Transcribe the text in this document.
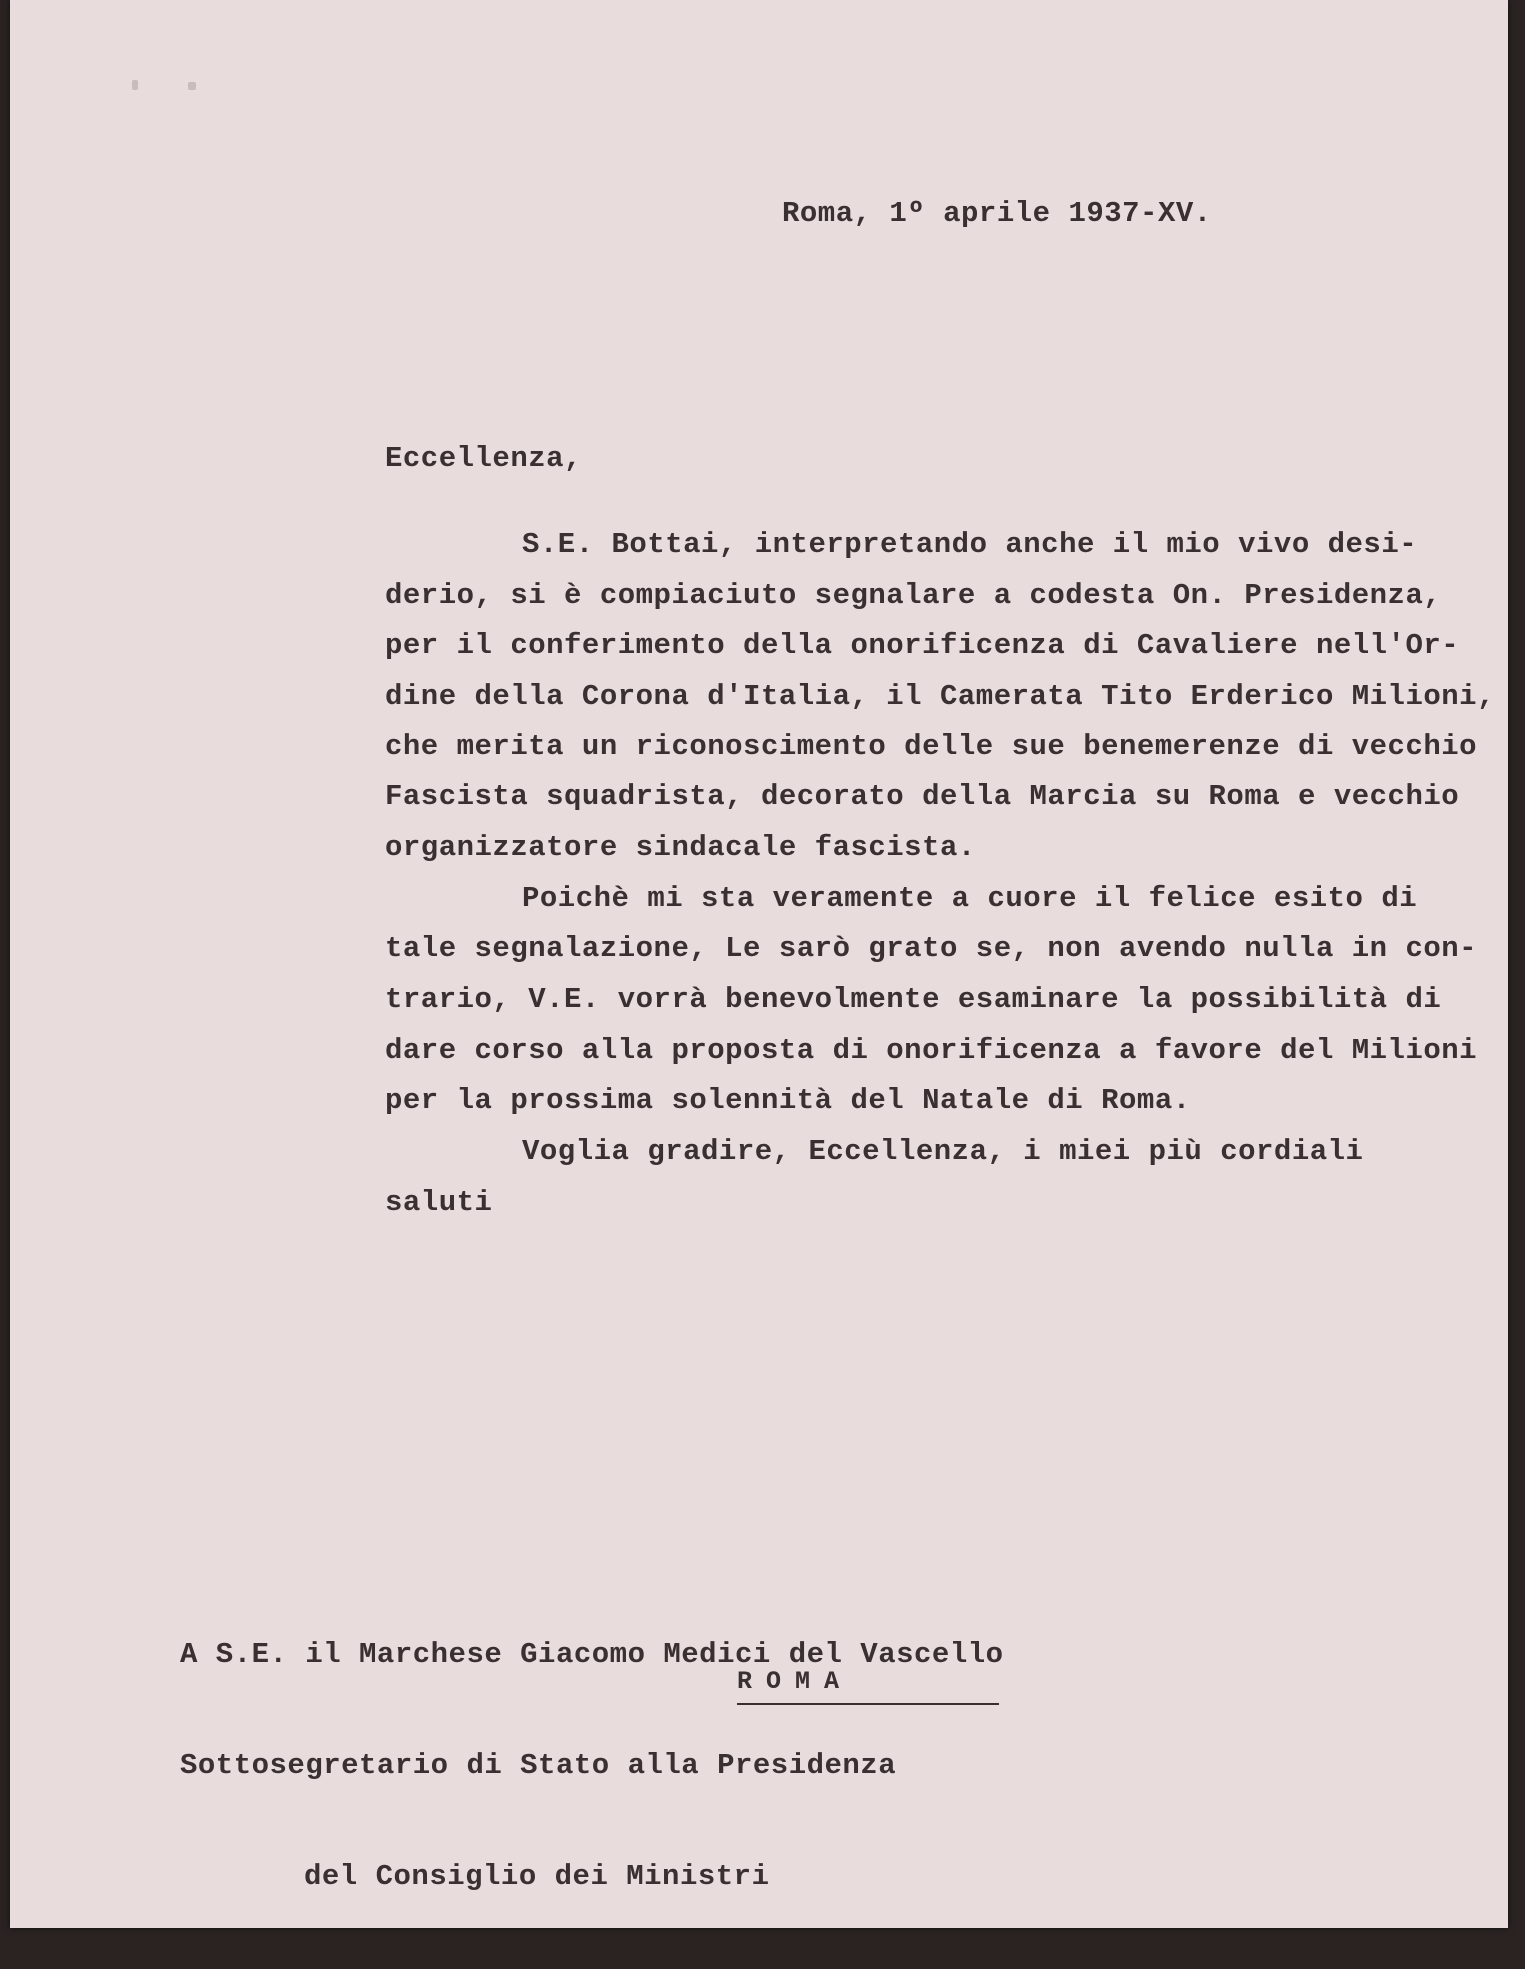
Roma, 1º aprile 1937-XV.
Eccellenza,
S.E. Bottai, interpretando anche il mio vivo desi-
derio, si è compiaciuto segnalare a codesta On. Presidenza,
per il conferimento della onorificenza di Cavaliere nell'Or-
dine della Corona d'Italia, il Camerata Tito Erderico Milioni,
che merita un riconoscimento delle sue benemerenze di vecchio
Fascista squadrista, decorato della Marcia su Roma e vecchio
organizzatore sindacale fascista.
Poichè mi sta veramente a cuore il felice esito di
tale segnalazione, Le sarò grato se, non avendo nulla in con-
trario, V.E. vorrà benevolmente esaminare la possibilità di
dare corso alla proposta di onorificenza a favore del Milioni
per la prossima solennità del Natale di Roma.
Voglia gradire, Eccellenza, i miei più cordiali
saluti

A S.E. il Marchese Giacomo Medici del Vascello

Sottosegretario di Stato alla Presidenza

del Consiglio dei Ministri

ROMA
